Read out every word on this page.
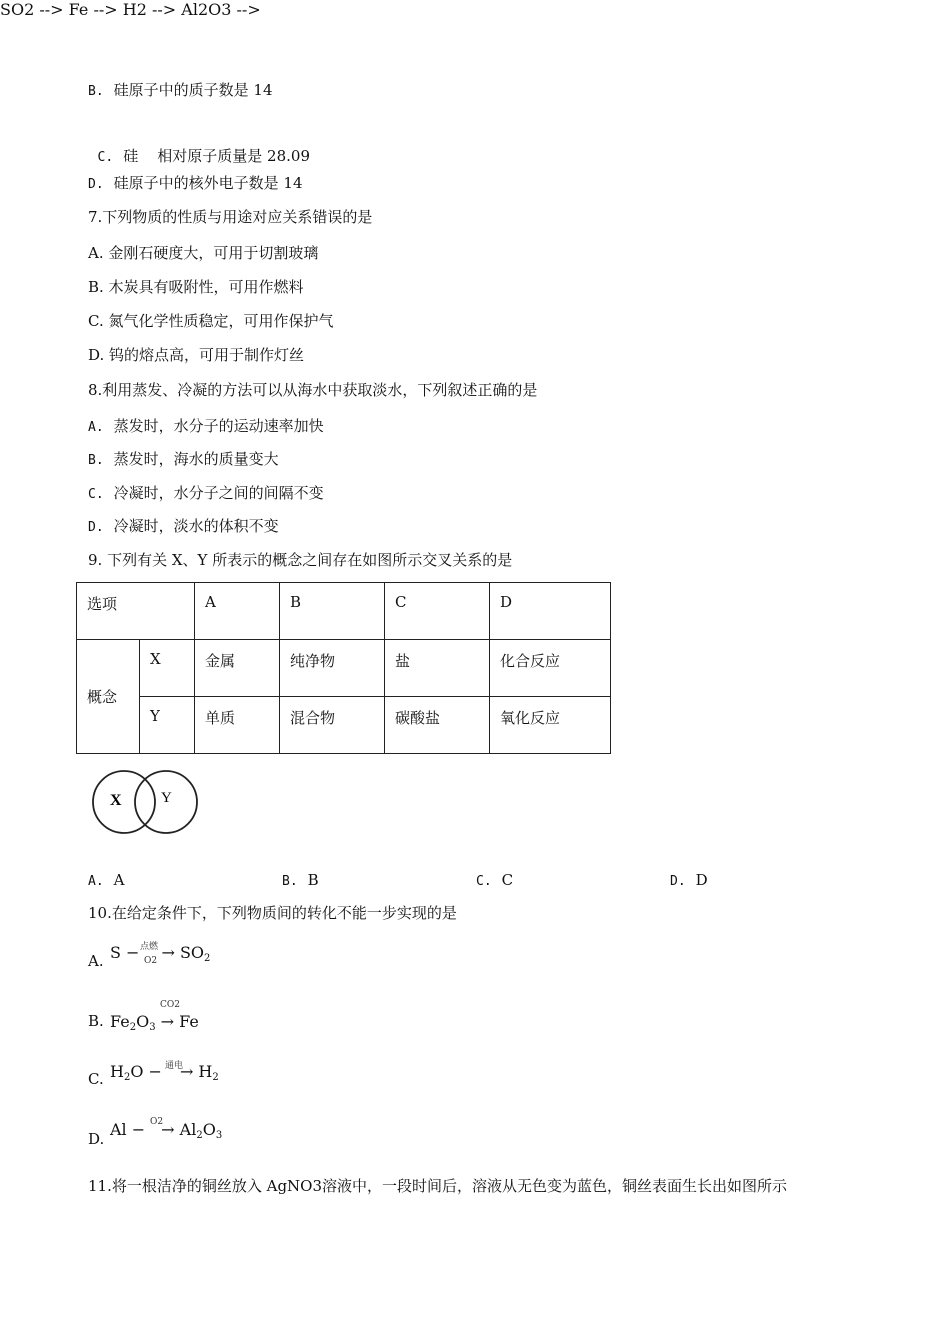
B. 硅原子中的质子数是 14

C. 硅    相对原子质量是 28.09

D. 硅原子中的核外电子数是 14
7.下列物质的性质与用途对应关系错误的是
A. 金刚石硬度大，可用于切割玻璃
B. 木炭具有吸附性，可用作燃料
C. 氮气化学性质稳定，可用作保护气
D. 钨的熔点高，可用于制作灯丝
8.利用蒸发、冷凝的方法可以从海水中获取淡水，下列叙述正确的是
A. 蒸发时，水分子的运动速率加快
B. 蒸发时，海水的质量变大
C. 冷凝时，水分子之间的间隔不变
D. 冷凝时，淡水的体积不变
9. 下列有关 X、Y 所表示的概念之间存在如图所示交叉关系的是
选项		A	B	C	D
概念	X	金属	纯净物	盐	化合反应
	Y	单质	混合物	碳酸盐	氧化反应
X	Y
A. A	B. B	C. C	D. D
10.在给定条件下，下列物质间的转化不能一步实现的是
SO2 -->
A. S − → $SO_2$
点燃
O2
Fe -->
B. $Fe_2O_3 \to Fe$
CO2
H2 -->
C. $H_2O$ − → $H_2$
通电
Al2O3 -->
D. Al − → $Al_2O_3$
O2
11.将一根洁净的铜丝放入 AgNO3溶液中，一段时间后，溶液从无色变为蓝色，铜丝表面生长出如图所示
